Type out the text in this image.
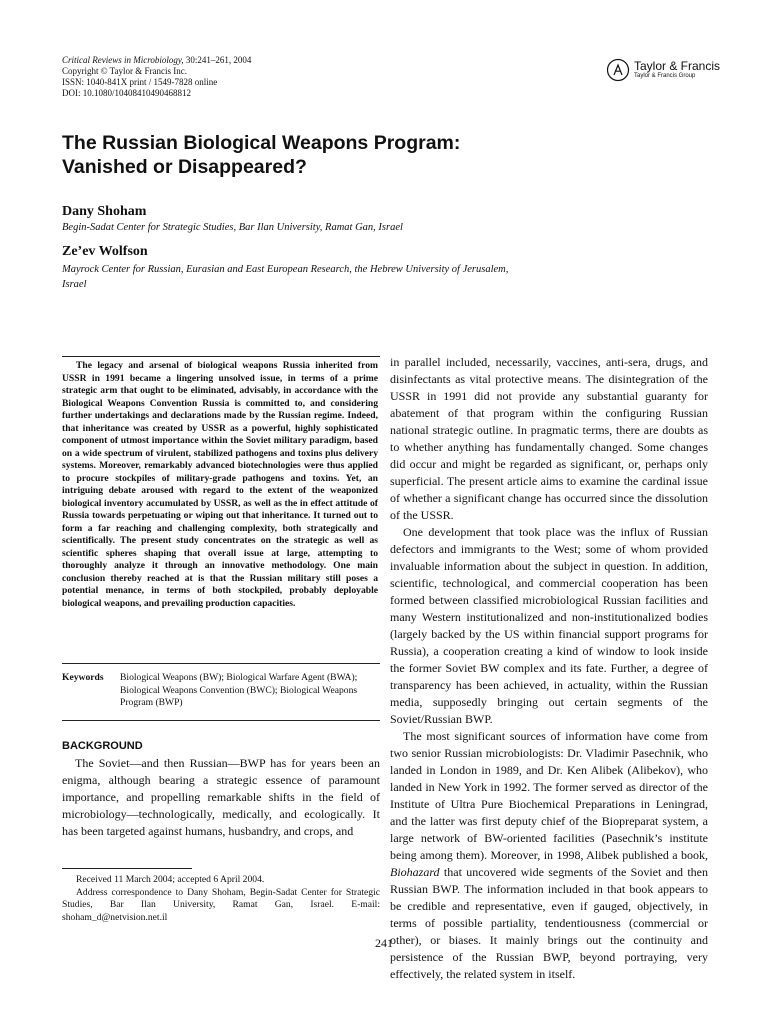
Critical Reviews in Microbiology, 30:241–261, 2004
Copyright © Taylor & Francis Inc.
ISSN: 1040-841X print / 1549-7828 online
DOI: 10.1080/10408410490468812
Taylor & Francis
Taylor & Francis Group
The Russian Biological Weapons Program:
Vanished or Disappeared?
Dany Shoham
Begin-Sadat Center for Strategic Studies, Bar Ilan University, Ramat Gan, Israel
Ze’ev Wolfson
Mayrock Center for Russian, Eurasian and East European Research, the Hebrew University of Jerusalem, Israel

The legacy and arsenal of biological weapons Russia inherited from USSR in 1991 became a lingering unsolved issue, in terms of a prime strategic arm that ought to be eliminated, advisably, in accordance with the Biological Weapons Convention Russia is committed to, and considering further undertakings and declarations made by the Russian regime. Indeed, that inheritance was created by USSR as a powerful, highly sophisticated component of utmost importance within the Soviet military paradigm, based on a wide spectrum of virulent, stabilized pathogens and toxins plus delivery systems. Moreover, remarkably advanced biotechnologies were thus applied to procure stockpiles of military-grade pathogens and toxins. Yet, an intriguing debate aroused with regard to the extent of the weaponized biological inventory accumulated by USSR, as well as the in effect attitude of Russia towards perpetuating or wiping out that inheritance. It turned out to form a far reaching and challenging complexity, both strategically and scientifically. The present study concentrates on the strategic as well as scientific spheres shaping that overall issue at large, attempting to thoroughly analyze it through an innovative methodology. One main conclusion thereby reached at is that the Russian military still poses a potential menance, in terms of both stockpiled, probably deployable biological weapons, and prevailing production capacities.

Keywords	Biological Weapons (BW); Biological Warfare Agent (BWA); Biological Weapons Convention (BWC); Biological Weapons Program (BWP)
BACKGROUND

The Soviet—and then Russian—BWP has for years been an enigma, although bearing a strategic essence of paramount importance, and propelling remarkable shifts in the field of microbiology—technologically, medically, and ecologically. It has been targeted against humans, husbandry, and crops, and

Received 11 March 2004; accepted 6 April 2004.

Address correspondence to Dany Shoham, Begin-Sadat Center for Strategic Studies, Bar Ilan University, Ramat Gan, Israel. E-mail: shoham_d@netvision.net.il

in parallel included, necessarily, vaccines, anti-sera, drugs, and disinfectants as vital protective means. The disintegration of the USSR in 1991 did not provide any substantial guaranty for abatement of that program within the configuring Russian national strategic outline. In pragmatic terms, there are doubts as to whether anything has fundamentally changed. Some changes did occur and might be regarded as significant, or, perhaps only superficial. The present article aims to examine the cardinal issue of whether a significant change has occurred since the dissolution of the USSR.

One development that took place was the influx of Russian defectors and immigrants to the West; some of whom provided invaluable information about the subject in question. In addition, scientific, technological, and commercial cooperation has been formed between classified microbiological Russian facilities and many Western institutionalized and non-institutionalized bodies (largely backed by the US within financial support programs for Russia), a cooperation creating a kind of window to look inside the former Soviet BW complex and its fate. Further, a degree of transparency has been achieved, in actuality, within the Russian media, supposedly bringing out certain segments of the Soviet/Russian BWP.

The most significant sources of information have come from two senior Russian microbiologists: Dr. Vladimir Pasechnik, who landed in London in 1989, and Dr. Ken Alibek (Alibekov), who landed in New York in 1992. The former served as director of the Institute of Ultra Pure Biochemical Preparations in Leningrad, and the latter was first deputy chief of the Biopreparat system, a large network of BW-oriented facilities (Pasechnik’s institute being among them). Moreover, in 1998, Alibek published a book, Biohazard that uncovered wide segments of the Soviet and then Russian BWP. The information included in that book appears to be credible and representative, even if gauged, objectively, in terms of possible partiality, tendentiousness (commercial or other), or biases. It mainly brings out the continuity and persistence of the Russian BWP, beyond portraying, very effectively, the related system in itself.

241
